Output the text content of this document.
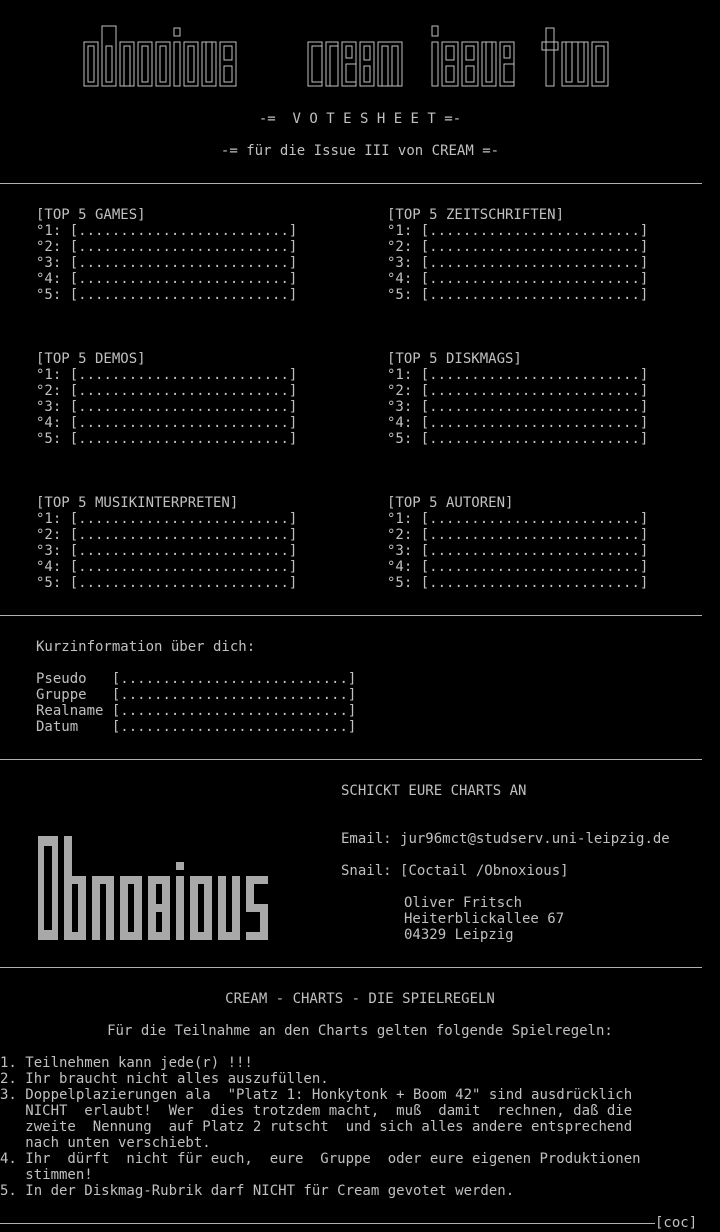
-=  V O T E S H E E T =-
-= für die Issue III von CREAM =-
[TOP 5 GAMES]
°1: [.........................]
°2: [.........................]
°3: [.........................]
°4: [.........................]
°5: [.........................]
[TOP 5 ZEITSCHRIFTEN]
°1: [.........................]
°2: [.........................]
°3: [.........................]
°4: [.........................]
°5: [.........................]
[TOP 5 DEMOS]
°1: [.........................]
°2: [.........................]
°3: [.........................]
°4: [.........................]
°5: [.........................]
[TOP 5 DISKMAGS]
°1: [.........................]
°2: [.........................]
°3: [.........................]
°4: [.........................]
°5: [.........................]
[TOP 5 MUSIKINTERPRETEN]
°1: [.........................]
°2: [.........................]
°3: [.........................]
°4: [.........................]
°5: [.........................]
[TOP 5 AUTOREN]
°1: [.........................]
°2: [.........................]
°3: [.........................]
°4: [.........................]
°5: [.........................]
Kurzinformation über dich:
Pseudo   [...........................]
Gruppe   [...........................]
Realname [...........................]
Datum    [...........................]
SCHICKT EURE CHARTS AN
Email: jur96mct@studserv.uni-leipzig.de
Snail: [Coctail /Obnoxious]
Oliver Fritsch
Heiterblickallee 67
04329 Leipzig
CREAM - CHARTS - DIE SPIELREGELN
Für die Teilnahme an den Charts gelten folgende Spielregeln:
1. Teilnehmen kann jede(r) !!!
2. Ihr braucht nicht alles auszufüllen.
3. Doppelplazierungen ala  "Platz 1: Honkytonk + Boom 42" sind ausdrücklich
NICHT  erlaubt!  Wer  dies trotzdem macht,  muß  damit  rechnen, daß die
zweite  Nennung  auf Platz 2 rutscht  und sich alles andere entsprechend
nach unten verschiebt.
4. Ihr  dürft  nicht für euch,  eure  Gruppe  oder eure eigenen Produktionen
stimmen!
5. In der Diskmag-Rubrik darf NICHT für Cream gevotet werden.
[coc]
